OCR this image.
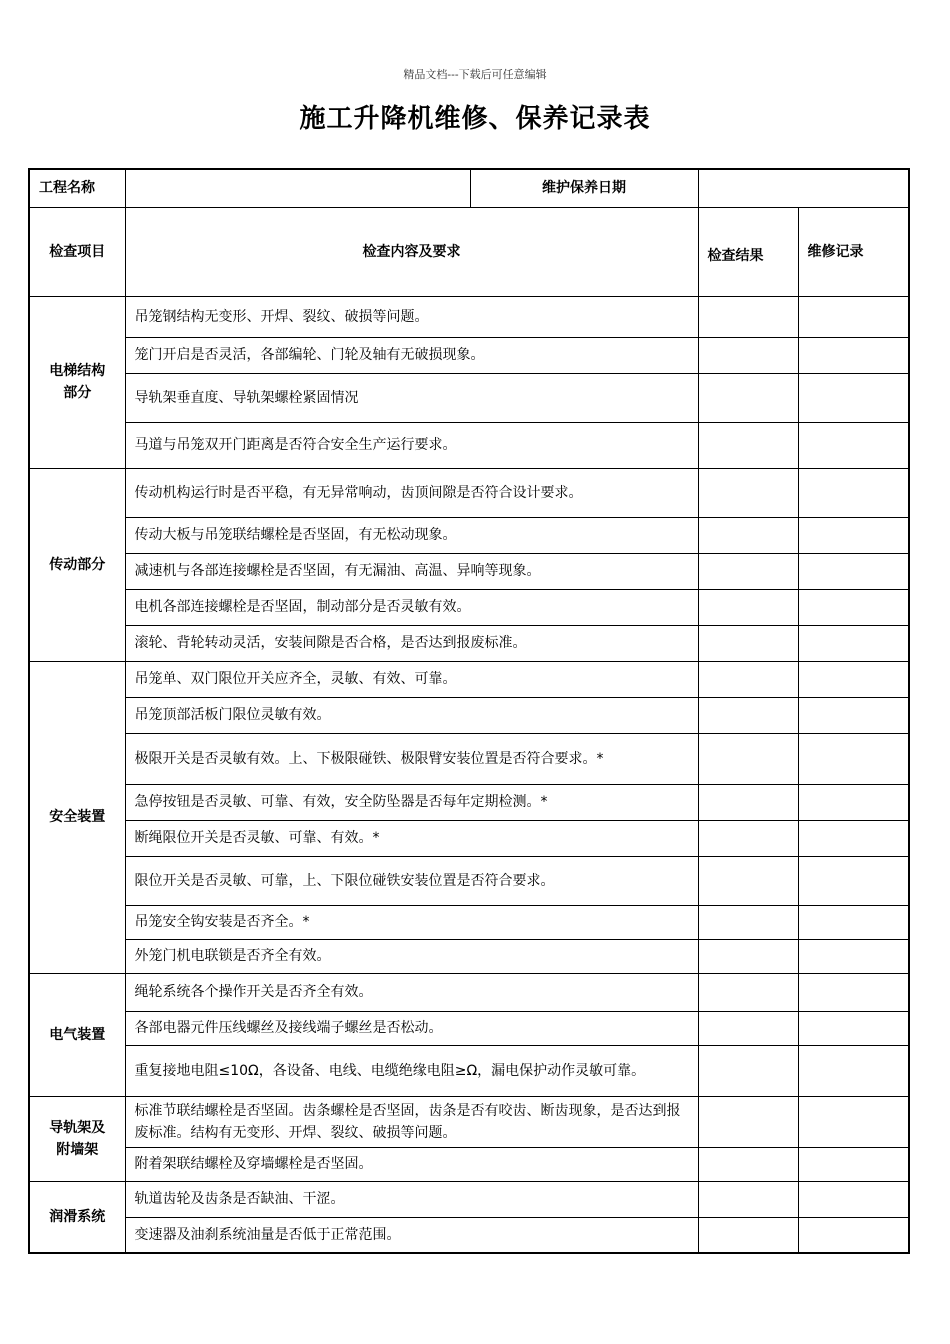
精品文档---下载后可任意编辑
施工升降机维修、保养记录表
工程名称		维护保养日期		
检查项目	检查内容及要求		检查结果	维修记录
电梯结构
部分	吊笼钢结构无变形、开焊、裂纹、破损等问题。			
	笼门开启是否灵活，各部编轮、门轮及轴有无破损现象。			
	导轨架垂直度、导轨架螺栓紧固情况			
	马道与吊笼双开门距离是否符合安全生产运行要求。			
传动部分	传动机构运行时是否平稳，有无异常响动，齿顶间隙是否符合设计要求。			
	传动大板与吊笼联结螺栓是否坚固，有无松动现象。			
	减速机与各部连接螺栓是否坚固，有无漏油、高温、异响等现象。			
	电机各部连接螺栓是否坚固，制动部分是否灵敏有效。			
	滚轮、背轮转动灵活，安装间隙是否合格，是否达到报废标准。			
安全装置	吊笼单、双门限位开关应齐全，灵敏、有效、可靠。			
	吊笼顶部活板门限位灵敏有效。			
	极限开关是否灵敏有效。上、下极限碰铁、极限臂安装位置是否符合要求。*			
	急停按钮是否灵敏、可靠、有效，安全防坠器是否每年定期检测。*			
	断绳限位开关是否灵敏、可靠、有效。*			
	限位开关是否灵敏、可靠，上、下限位碰铁安装位置是否符合要求。			
	吊笼安全钩安装是否齐全。*			
	外笼门机电联锁是否齐全有效。			
电气装置	绳轮系统各个操作开关是否齐全有效。			
	各部电器元件压线螺丝及接线端子螺丝是否松动。			
	重复接地电阻≤10Ω，各设备、电线、电缆绝缘电阻≥Ω，漏电保护动作灵敏可靠。			
导轨架及
附墙架	标准节联结螺栓是否坚固。齿条螺栓是否坚固，齿条是否有咬齿、断齿现象，是否达到报废标准。结构有无变形、开焊、裂纹、破损等问题。			
	附着架联结螺栓及穿墙螺栓是否坚固。			
润滑系统	轨道齿轮及齿条是否缺油、干涩。			
	变速器及油刹系统油量是否低于正常范围。			
